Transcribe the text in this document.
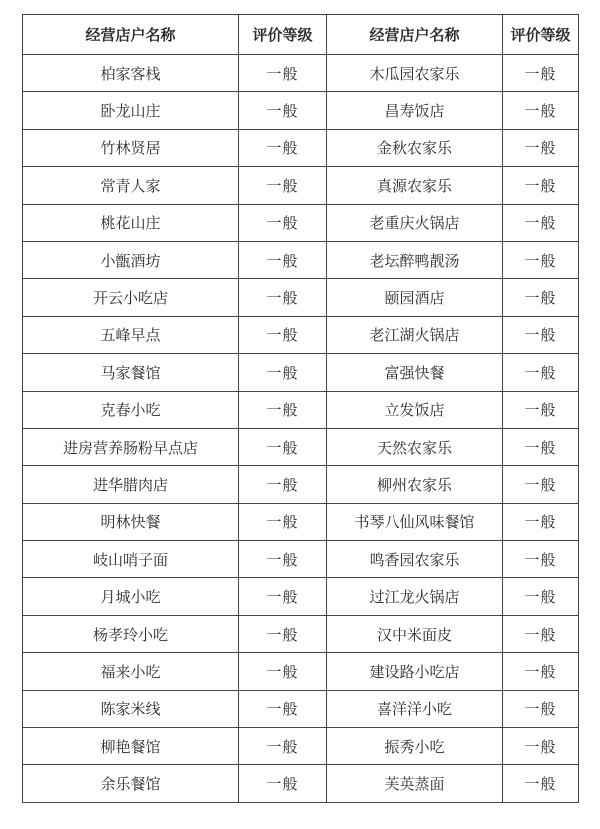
经营店户名称	评价等级	经营店户名称	评价等级
柏家客栈	一般	木瓜园农家乐	一般
卧龙山庄	一般	昌寿饭店	一般
竹林贤居	一般	金秋农家乐	一般
常青人家	一般	真源农家乐	一般
桃花山庄	一般	老重庆火锅店	一般
小甑酒坊	一般	老坛醉鸭靓汤	一般
开云小吃店	一般	颐园酒店	一般
五峰早点	一般	老江湖火锅店	一般
马家餐馆	一般	富强快餐	一般
克春小吃	一般	立发饭店	一般
进房营养肠粉早点店	一般	天然农家乐	一般
进华腊肉店	一般	柳州农家乐	一般
明林快餐	一般	书琴八仙风味餐馆	一般
岐山哨子面	一般	鸣香园农家乐	一般
月城小吃	一般	过江龙火锅店	一般
杨孝玲小吃	一般	汉中米面皮	一般
福来小吃	一般	建设路小吃店	一般
陈家米线	一般	喜洋洋小吃	一般
柳艳餐馆	一般	振秀小吃	一般
余乐餐馆	一般	芙英蒸面	一般
